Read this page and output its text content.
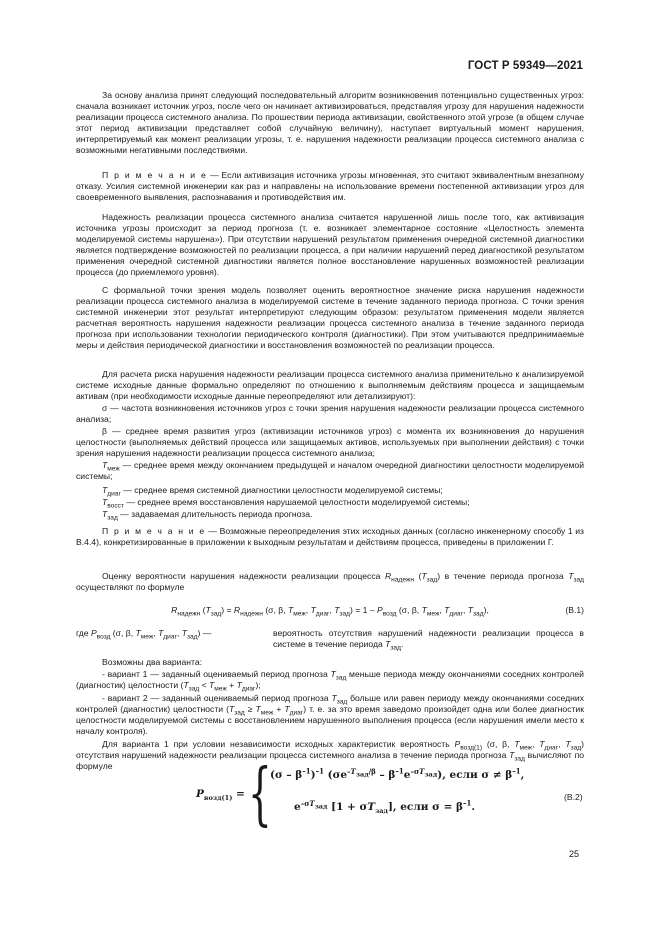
ГОСТ Р 59349—2021

За основу анализа принят следующий последовательный алгоритм возникновения потенциально существенных угроз: сначала возникает источник угроз, после чего он начинает активизироваться, представляя угрозу для нарушения надежности реализации процесса системного анализа. По прошествии периода активизации, свойственного этой угрозе (в общем случае этот период активизации представляет собой случайную величину), наступает виртуальный момент нарушения, интерпретируемый как момент реализации угрозы, т. е. нарушения надежности реализации процесса системного анализа с возможными негативными последствиями.

П р и м е ч а н и е — Если активизация источника угрозы мгновенная, это считают эквивалентным внезапному отказу. Усилия системной инженерии как раз и направлены на использование времени постепенной активизации угроз для своевременного выявления, распознавания и противодействия им.

Надежность реализации процесса системного анализа считается нарушенной лишь после того, как активизация источника угрозы происходит за период прогноза (т. е. возникает элементарное состояние «Целостность элемента моделируемой системы нарушена»). При отсутствии нарушений результатом применения очередной системной диагностики является подтверждение возможностей по реализации процесса, а при наличии нарушений перед диагностикой результатом применения очередной системной диагностики является полное восстановление нарушенных возможностей реализации процесса (до приемлемого уровня).

С формальной точки зрения модель позволяет оценить вероятностное значение риска нарушения надежности реализации процесса системного анализа в моделируемой системе в течение заданного периода прогноза. С точки зрения системной инженерии этот результат интерпретируют следующим образом: результатом применения модели является расчетная вероятность нарушения надежности реализации процесса системного анализа в течение заданного периода прогноза при использовании технологии периодического контроля (диагностики). При этом учитываются предпринимаемые меры и действия периодической диагностики и восстановления возможностей по реализации процесса.

Для расчета риска нарушения надежности реализации процесса системного анализа применительно к анализируемой системе исходные данные формально определяют по отношению к выполняемым действиям процесса и защищаемым активам (при необходимости исходные данные переопределяют или детализируют):

σ — частота возникновения источников угроз с точки зрения нарушения надежности реализации процесса системного анализа;

β — среднее время развития угроз (активизации источников угроз) с момента их возникновения до нарушения целостности (выполняемых действий процесса или защищаемых активов, используемых при выполнении действия) с точки зрения нарушения надежности реализации процесса системного анализа;

$T_{меж}$ — среднее время между окончанием предыдущей и началом очередной диагностики целостности моделируемой системы;

$T_{диаг}$ — среднее время системной диагностики целостности моделируемой системы;

$T_{восст}$ — среднее время восстановления нарушаемой целостности моделируемой системы;

$T_{зад}$ — задаваемая длительность периода прогноза.

П р и м е ч а н и е — Возможные переопределения этих исходных данных (согласно инженерному способу 1 из В.4.4), конкретизированные в приложении к выходным результатам и действиям процесса, приведены в приложении Г.

Оценку вероятности нарушения надежности реализации процесса $R_{надежн}$ $(T_{зад})$ в течение периода прогноза $T_{зад}$ осуществляют по формуле

$R_{надежн}$ $(T_{зад}) = R_{надежн}$ (σ, β, $T_{меж}$, $T_{диаг}$, $T_{зад}) = 1 - P_{возд}$ (σ, β, $T_{меж}$, $T_{диаг}$, $T_{зад}$),	(В.1)
где $P_{возд}$ (σ, β, $T_{меж}$, $T_{диаг}$, $T_{зад}$) —	вероятность отсутствия нарушений надежности реализации процесса в системе в течение периода $T_{зад}$.

Возможны два варианта:

- вариант 1 — заданный оцениваемый период прогноза $T_{зад}$ меньше периода между окончаниями соседних контролей (диагностик) целостности $(T_{зад} < T_{меж} + T_{диаг})$;

- вариант 2 — заданный оцениваемый период прогноза $T_{зад}$ больше или равен периоду между окончаниями соседних контролей (диагностик) целостности $(T_{зад} \ge T_{меж} + T_{диаг})$ т. е. за это время заведомо произойдет одна или более диагностик целостности моделируемой системы с восстановлением нарушенного выполнения процесса (если нарушения имели место к началу контроля).

Для варианта 1 при условии независимости исходных характеристик вероятность $P_{возд(1)}$ (σ, β, $T_{меж}$, $T_{диаг}$, $T_{зад}$) отсутствия нарушений надежности реализации процесса системного анализа в течение периода прогноза $T_{зад}$ вычисляют по формуле

$P_{возд(1)}$ = {
$(\sigma - \beta^{-1})^{-1}$ $(\sigma e^{-T_{зад}/\beta} - \beta^{-1}e^{-\sigma T_{зад}})$, если $\sigma \ne \beta^{-1}$,
$e^{-\sigma T_{зад}}$ $[1 + \sigma T_{зад}]$, если $\sigma = \beta^{-1}$.
(В.2)
25
